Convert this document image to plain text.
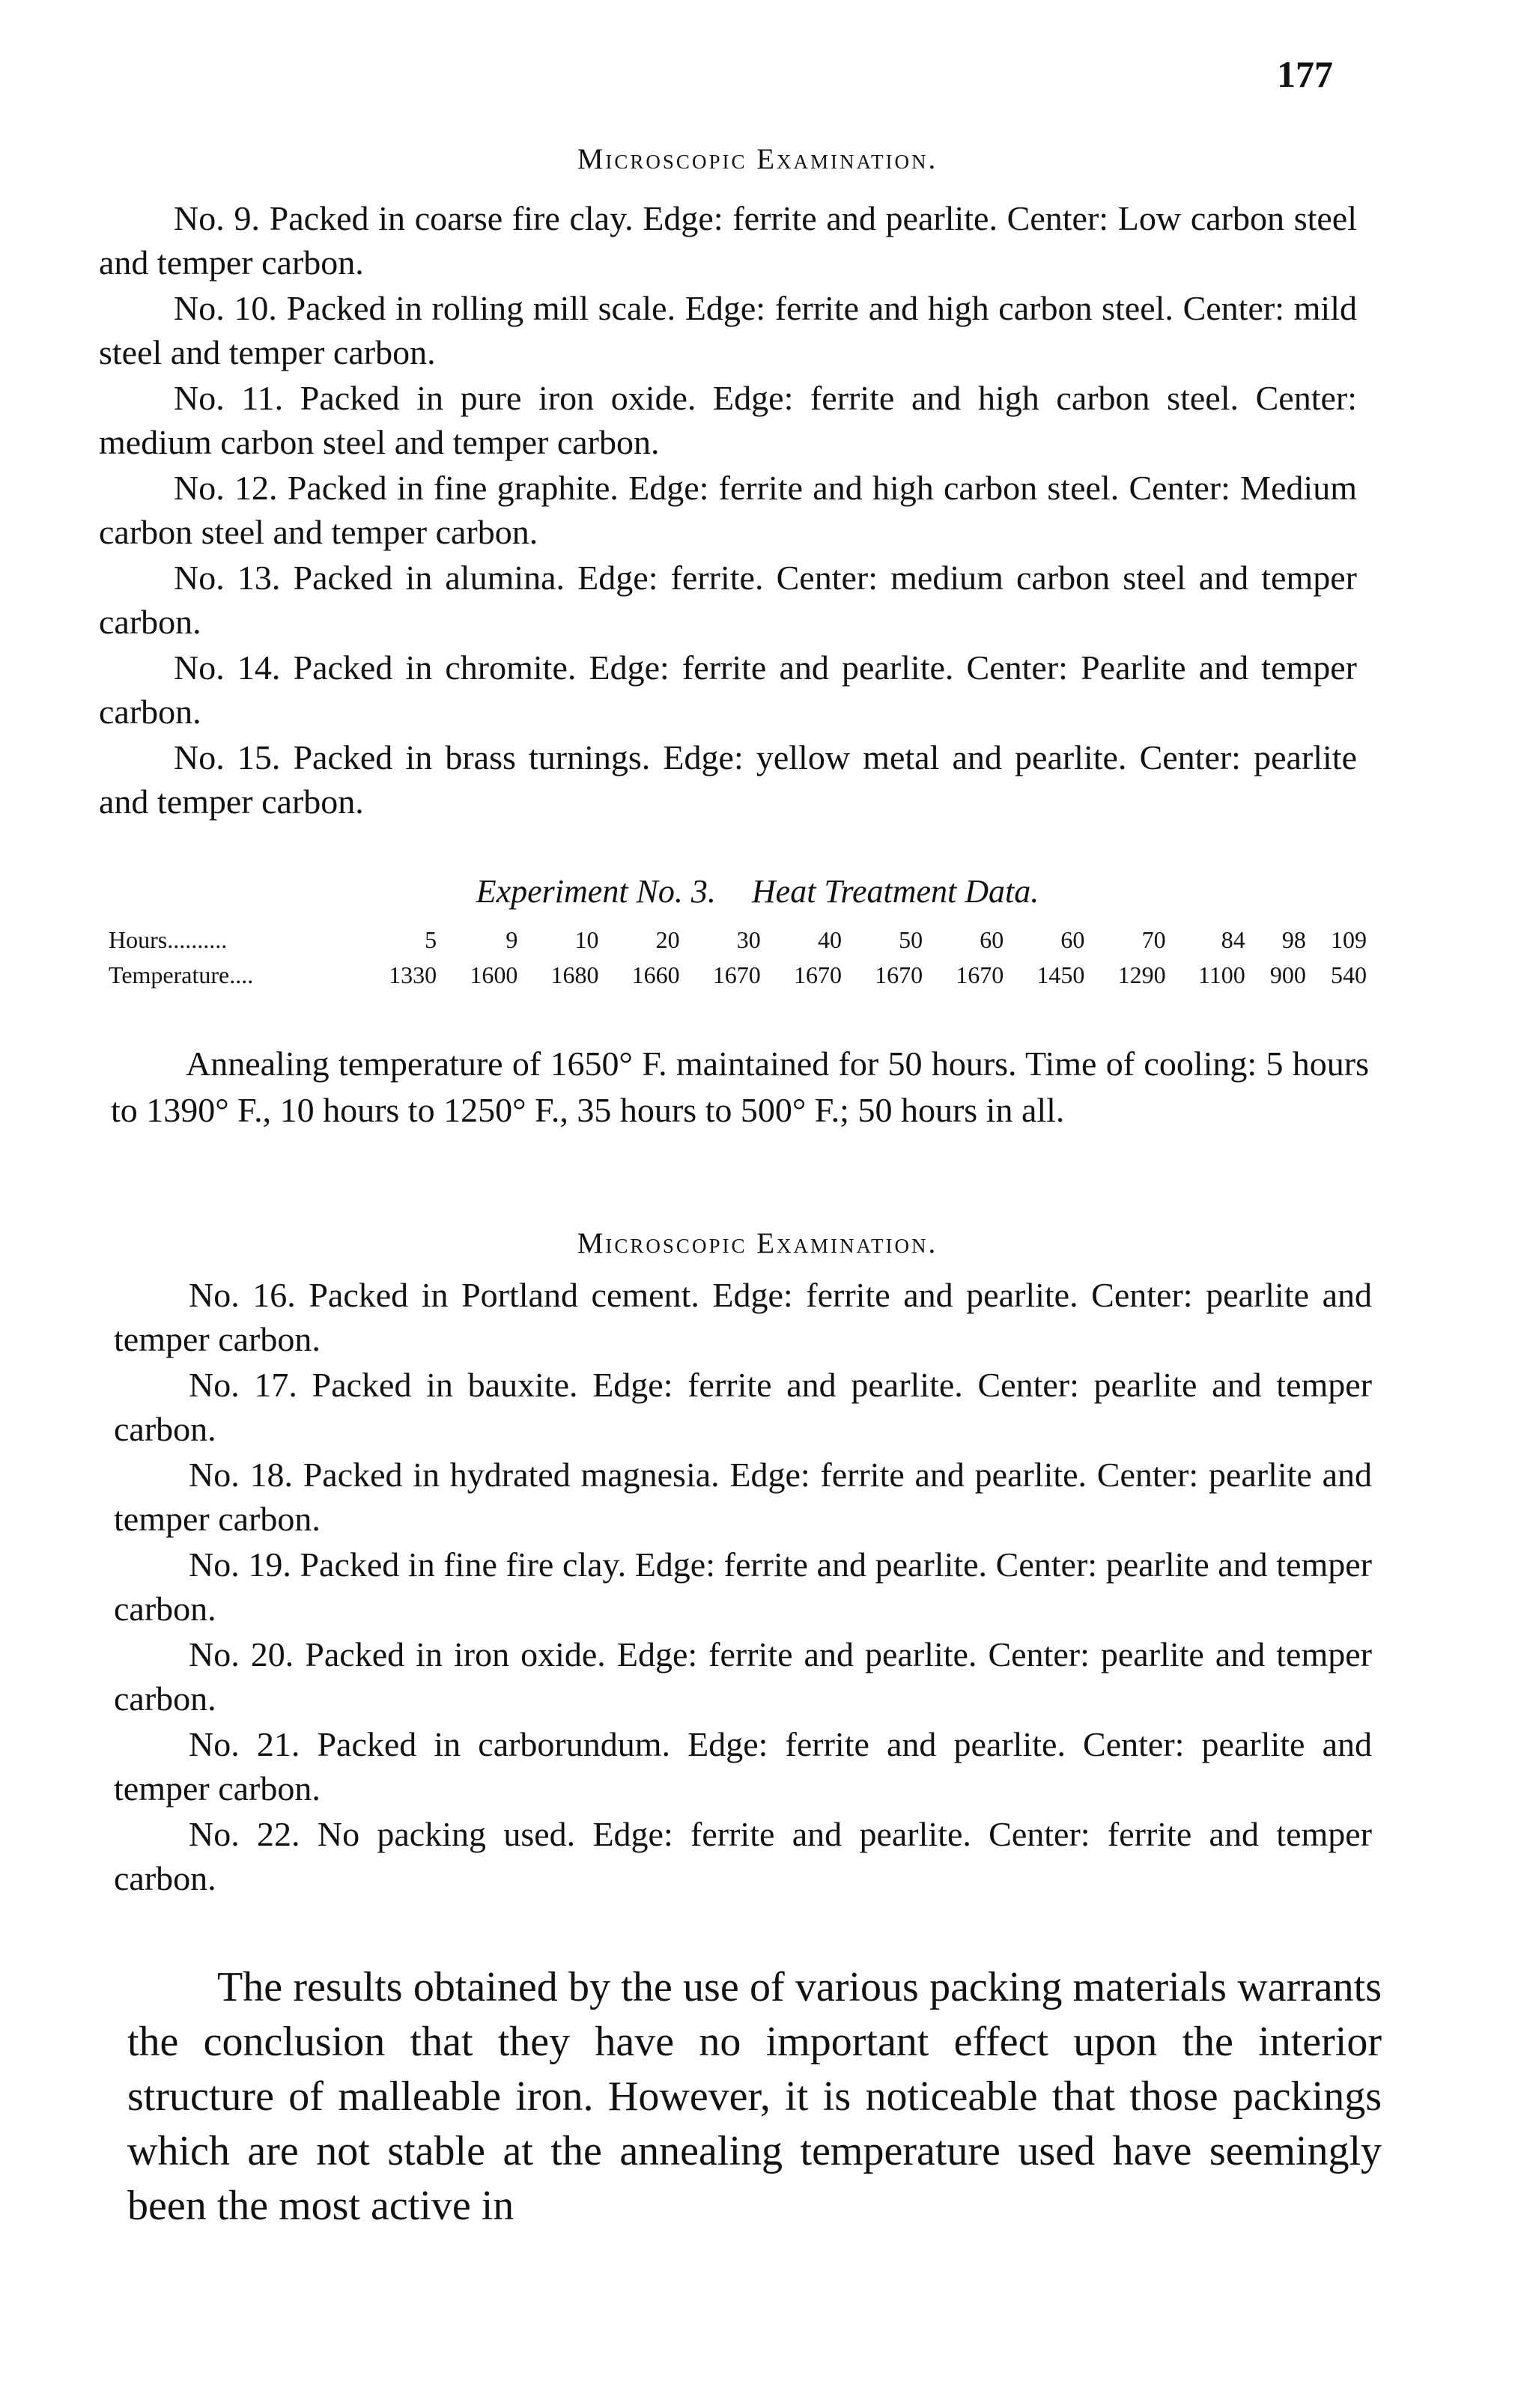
177
Microscopic Examination.

No. 9. Packed in coarse fire clay. Edge: ferrite and pearlite. Center: Low carbon steel and temper carbon.

No. 10. Packed in rolling mill scale. Edge: ferrite and high carbon steel. Center: mild steel and temper carbon.

No. 11. Packed in pure iron oxide. Edge: ferrite and high carbon steel. Center: medium carbon steel and temper carbon.

No. 12. Packed in fine graphite. Edge: ferrite and high carbon steel. Center: Medium carbon steel and temper carbon.

No. 13. Packed in alumina. Edge: ferrite. Center: medium carbon steel and temper carbon.

No. 14. Packed in chromite. Edge: ferrite and pearlite. Center: Pearlite and temper carbon.

No. 15. Packed in brass turnings. Edge: yellow metal and pearlite. Center: pearlite and temper carbon.

Experiment No. 3. Heat Treatment Data.
Hours..........	5	9	10	20	30	40	50	60	60	70	84	98	109
Temperature....	1330	1600	1680	1660	1670	1670	1670	1670	1450	1290	1100	900	540

Annealing temperature of 1650° F. maintained for 50 hours. Time of cooling: 5 hours to 1390° F., 10 hours to 1250° F., 35 hours to 500° F.; 50 hours in all.

Microscopic Examination.

No. 16. Packed in Portland cement. Edge: ferrite and pearlite. Center: pearlite and temper carbon.

No. 17. Packed in bauxite. Edge: ferrite and pearlite. Center: pearlite and temper carbon.

No. 18. Packed in hydrated magnesia. Edge: ferrite and pearlite. Center: pearlite and temper carbon.

No. 19. Packed in fine fire clay. Edge: ferrite and pearlite. Center: pearlite and temper carbon.

No. 20. Packed in iron oxide. Edge: ferrite and pearlite. Center: pearlite and temper carbon.

No. 21. Packed in carborundum. Edge: ferrite and pearlite. Center: pearlite and temper carbon.

No. 22. No packing used. Edge: ferrite and pearlite. Center: ferrite and temper carbon.

The results obtained by the use of various packing materials warrants the conclusion that they have no important effect upon the interior structure of malleable iron. However, it is noticeable that those packings which are not stable at the annealing temperature used have seemingly been the most active in
